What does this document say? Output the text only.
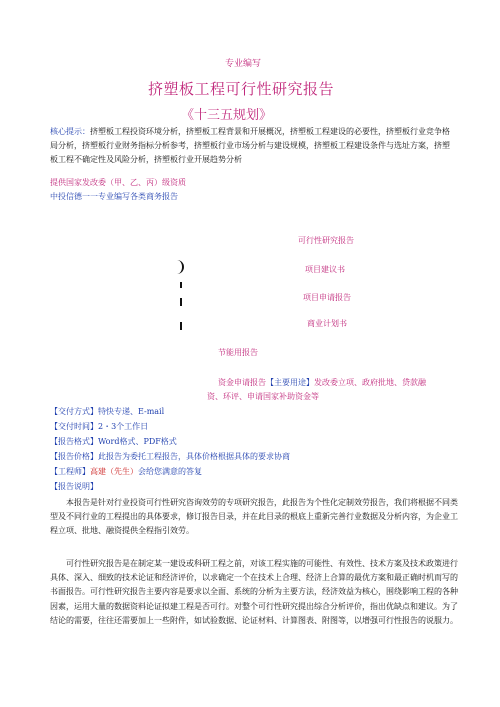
专业编写
挤塑板工程可行性研究报告
《十三五规划》
核心提示：挤塑板工程投资环境分析，挤塑板工程背景和开展概况，挤塑板工程建设的必要性，挤塑板行业竞争格局分析，挤塑板行业财务指标分析参考，挤塑板行业市场分析与建设规模，挤塑板工程建设条件与选址方案，挤塑板工程不确定性及风险分析，挤塑板行业开展趋势分析
提供国家发改委（甲、乙、丙）级资质
中投信德一一专业编写各类商务报告
可行性研究报告
项目建议书
项目申请报告
商业计划书
节能用报告
资金申请报告【主要用途】发改委立项、政府批地、贷款融
资、环评、申请国家补助资金等
【交付方式】特快专递、E-mail
【交付时间】2・3个工作日
【报告格式】Word格式、PDF格式
【报告价格】此报告为委托工程报告，具体价格根据具体的要求协商
【工程师】高建（先生）会给您满意的答复
【报告说明】
本报告是针对行业投资可行性研究咨询效劳的专项研究报告，此报告为个性化定制效劳报告，我们将根据不同类型及不同行业的工程提出的具体要求，修订报告目录，并在此目录的根底上重新完善行业数据及分析内容，为企业工程立项、批地、融资提供全程指引效劳。
可行性研究报告是在制定某一建设或科研工程之前，对该工程实施的可能性、有效性、技术方案及技术政策进行具体、深入、细致的技术论证和经济评价，以求确定一个在技术上合理、经济上合算的最优方案和最正确时机而写的书面报告。可行性研究报告主要内容是要求以全面、系统的分析为主要方法，经济效益为核心，围绕影响工程的各种因素，运用大量的数据资料论证拟建工程是否可行。对整个可行性研究提出综合分析评价，指出优缺点和建议。为了结论的需要，往往还需要加上一些附件，如试验数据、论证材料、计算图表、附图等，以增强可行性报告的说服力。
